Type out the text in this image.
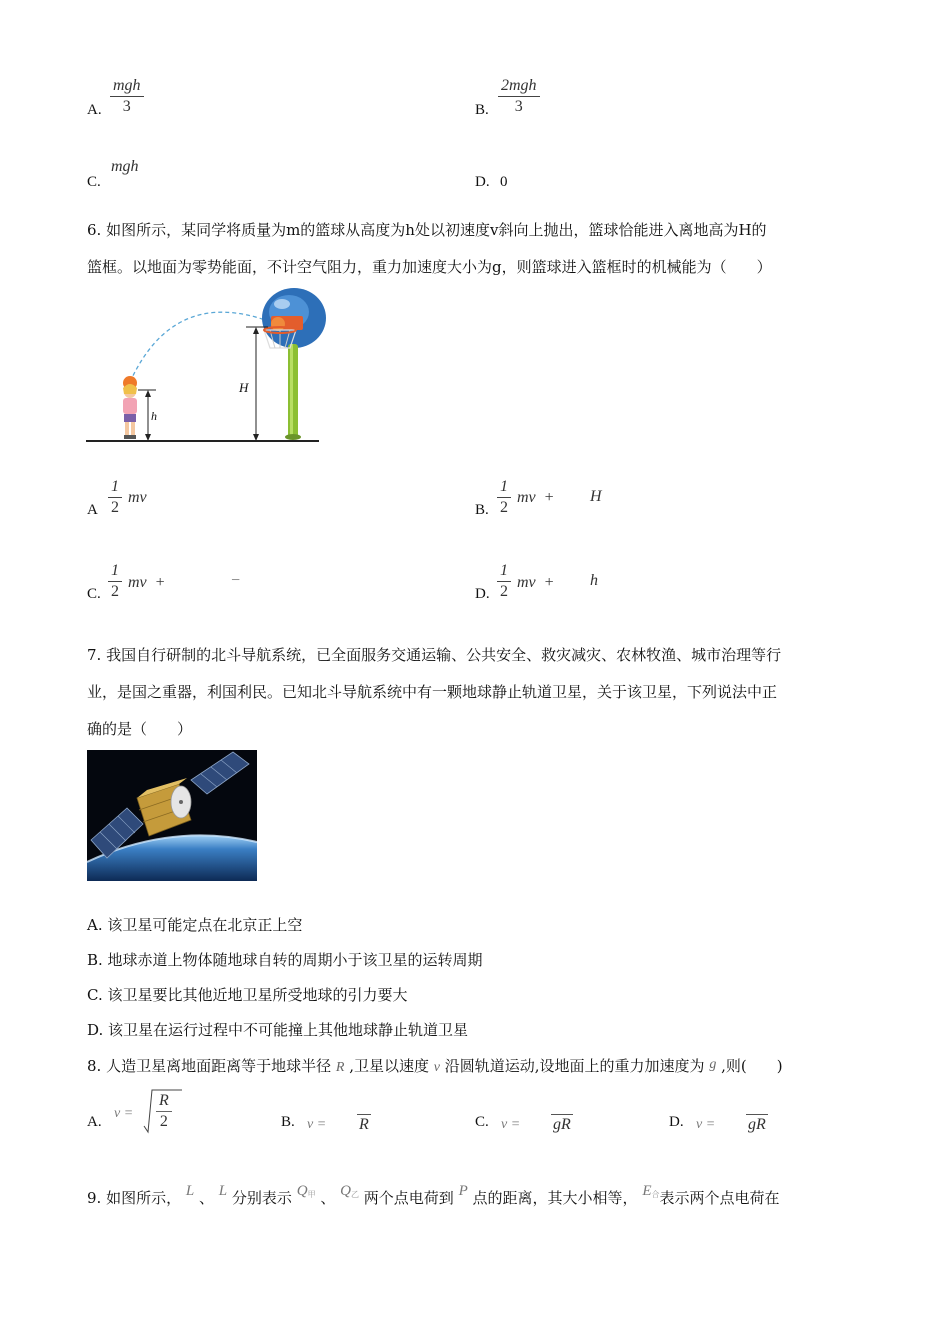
A.
mgh
3	B.
2mgh
3
C.
mgh
D. 0
6. 如图所示，某同学将质量为m的篮球从高度为h处以初速度v斜向上抛出，篮球恰能进入离地高为H的
篮框。以地面为零势能面，不计空气阻力，重力加速度大小为g，则篮球进入篮框时的机械能为（　　）
H
h
A $\frac{1}{2}$ mv
B. $\frac{1}{2}$ mv  + H
C. $\frac{1}{2}$ mv  +	−
D. $\frac{1}{2}$ mv  + h
7. 我国自行研制的北斗导航系统，已全面服务交通运输、公共安全、救灾减灾、农林牧渔、城市治理等行
业，是国之重器，利国利民。已知北斗导航系统中有一颗地球静止轨道卫星，关于该卫星，下列说法中正
确的是（　　）
A. 该卫星可能定点在北京正上空
B. 地球赤道上物体随地球自转的周期小于该卫星的运转周期
C. 该卫星要比其他近地卫星所受地球的引力要大
D. 该卫星在运行过程中不可能撞上其他地球静止轨道卫星
8. 人造卫星离地面距离等于地球半径 R ,卫星以速度 v 沿圆轨道运动,设地面上的重力加速度为 g ,则(　　)
A.
$v = \frac{R}{2}$	B. v = R	C. v = gR	D. v = gR
9. 如图所示， L 、 L 分别表示 $Q^甲$ 、 $Q^乙$ 两个点电荷到 P 点的距离，其大小相等， $E^合$表示两个点电荷在
